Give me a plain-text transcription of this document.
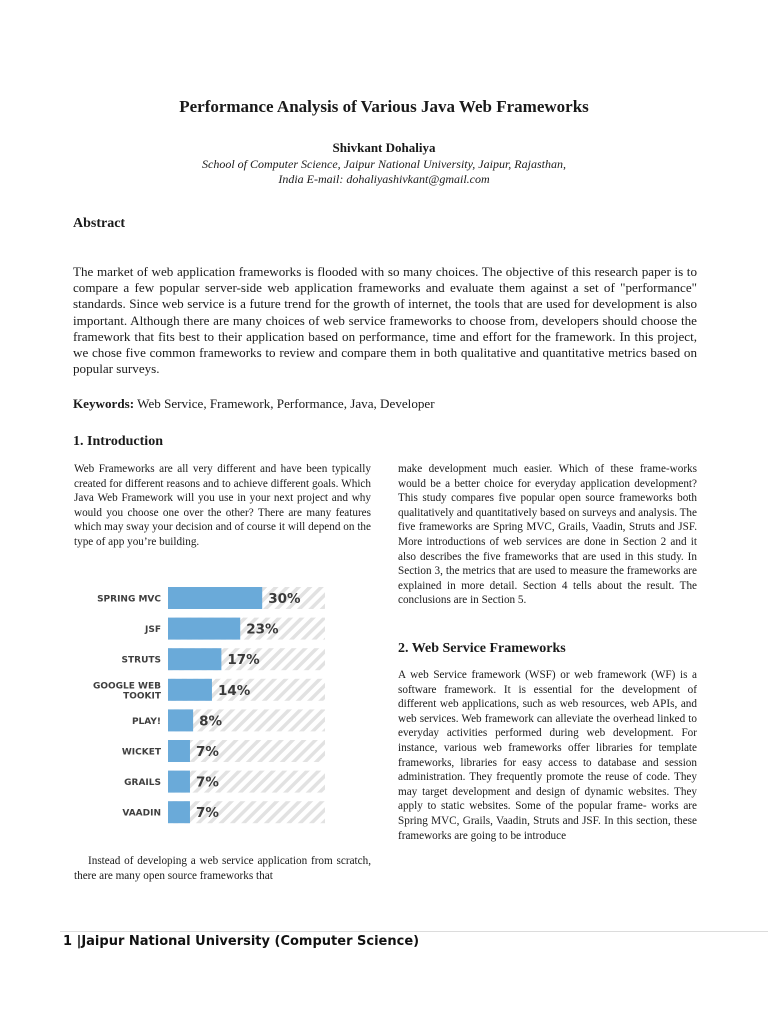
Performance Analysis of Various Java Web Frameworks
Shivkant Dohaliya
School of Computer Science, Jaipur National University, Jaipur, Rajasthan,
India E-mail: dohaliyashivkant@gmail.com
Abstract

The market of web application frameworks is flooded with so many choices. The objective of this research paper is to compare a few popular server-side web application frameworks and evaluate them against a set of "performance" standards. Since web service is a future trend for the growth of internet, the tools that are used for development is also important. Although there are many choices of web service frameworks to choose from, developers should choose the framework that fits best to their application based on performance, time and effort for the framework. In this project, we chose five common frameworks to review and compare them in both qualitative and quantitative metrics based on popular surveys.

Keywords: Web Service, Framework, Performance, Java, Developer
1. Introduction

Web Frameworks are all very different and have been typically created for different reasons and to achieve different goals. Which Java Web Framework will you use in your next project and why would you choose one over the other? There are many features which may sway your decision and of course it will depend on the type of app you’re building.

SPRING MVC	30%
JSF	23%
STRUTS	17%
GOOGLE WEB
TOOKIT	14%
PLAY!	8%
WICKET	7%
GRAILS	7%
VAADIN	7%

Instead of developing a web service application from scratch, there are many open source frameworks that

make development much easier. Which of these frame-works would be a better choice for everyday application development? This study compares five popular open source frameworks both qualitatively and quantitatively based on surveys and analysis. The five frameworks are Spring MVC, Grails, Vaadin, Struts and JSF. More introductions of web services are done in Section 2 and it also describes the five frameworks that are used in this study. In Section 3, the metrics that are used to measure the frameworks are explained in more detail. Section 4 tells about the result. The conclusions are in Section 5.

2. Web Service Frameworks

A web Service framework (WSF) or web framework (WF) is a software framework. It is essential for the development of different web applications, such as web resources, web APIs, and web services. Web framework can alleviate the overhead linked to everyday activities performed during web development. For instance, various web frameworks offer libraries for template frameworks, libraries for easy access to database and session administration. They frequently promote the reuse of code. They may target development and design of dynamic websites. They apply to static websites. Some of the popular frame- works are Spring MVC, Grails, Vaadin, Struts and JSF. In this section, these frameworks are going to be introduce

1 |Jaipur National University (Computer Science)
